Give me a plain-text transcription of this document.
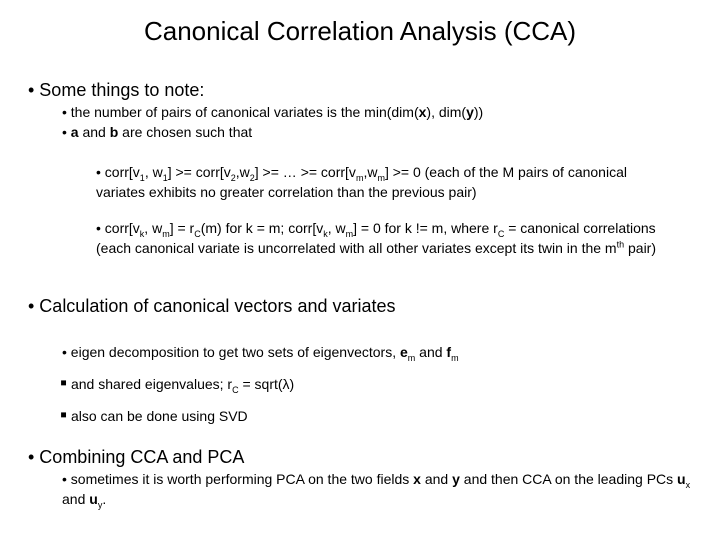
Canonical Correlation Analysis (CCA)
• Some things to note:
• the number of pairs of canonical variates is the min(dim(x), dim(y))
• a and b are chosen such that
• $corr[v_1$, $w_1$] >= $corr[v_2,w_2]$ >= … >= $corr[v_m,w_m] >= 0$ (each of the M pairs of canonical variates exhibits no greater correlation than the previous pair)
• $corr[v_k$, $w_m] = r_C(m)$ for k = m; $corr[v_k$, $w_m] = 0$ for k != m, where $r_C$ = canonical correlations (each canonical variate is uncorrelated with all other variates except its twin in the $m^{th}$ pair)
• Calculation of canonical vectors and variates
• eigen decomposition to get two sets of eigenvectors, $e_m$ and $f_m$
▪ and shared eigenvalues; $r_C$ = sqrt(λ)
▪ also can be done using SVD
• Combining CCA and PCA
• sometimes it is worth performing PCA on the two fields x and y and then CCA on the leading PCs $u_x$ and $u_y$.
